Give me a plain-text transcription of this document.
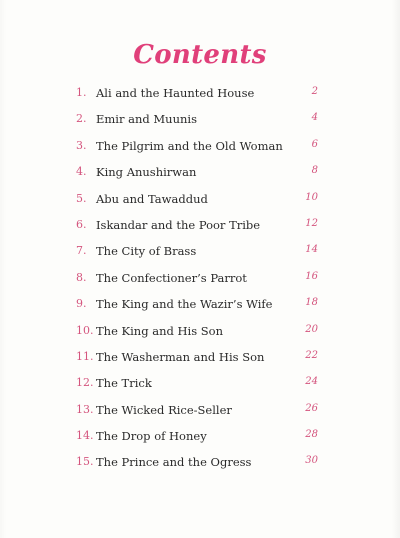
Contents
1. Ali and the Haunted House	2
2. Emir and Muunis	4
3. The Pilgrim and the Old Woman	6
4. King Anushirwan	8
5. Abu and Tawaddud	10
6. Iskandar and the Poor Tribe	12
7. The City of Brass	14
8. The Confectioner’s Parrot	16
9. The King and the Wazir’s Wife	18
10. The King and His Son	20
11. The Washerman and His Son	22
12. The Trick	24
13. The Wicked Rice-Seller	26
14. The Drop of Honey	28
15. The Prince and the Ogress	30
